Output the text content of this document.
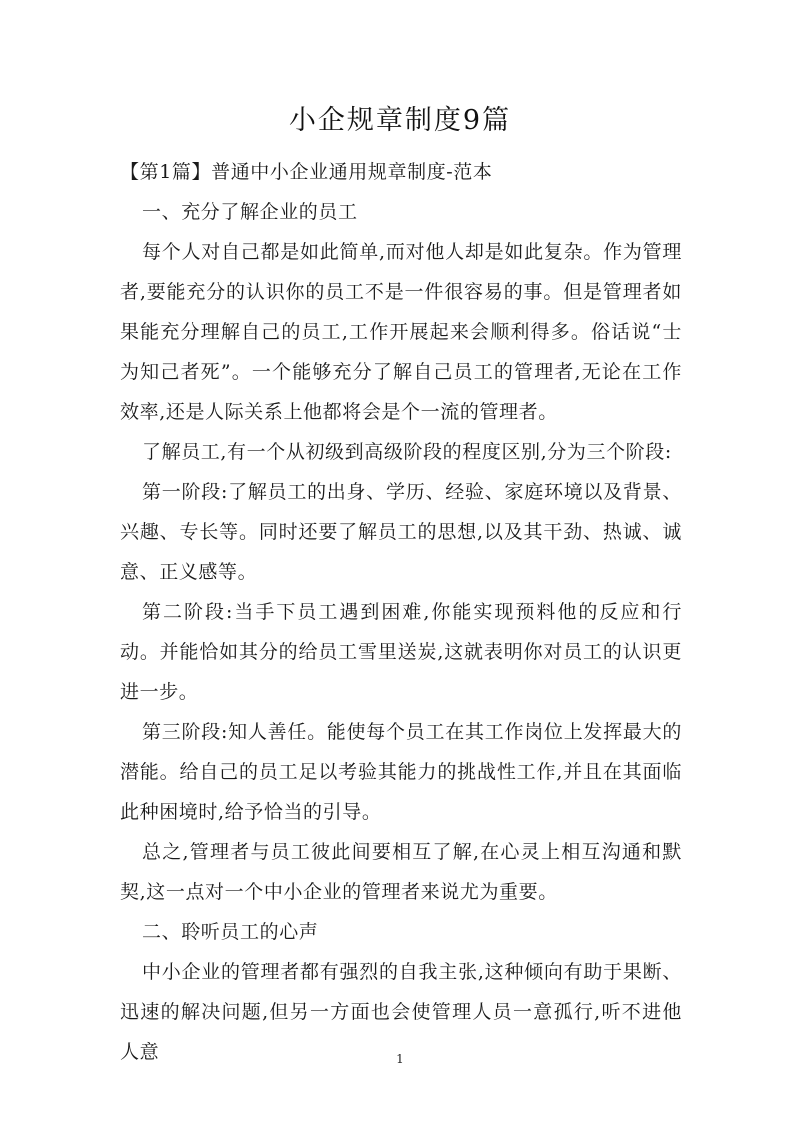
小企规章制度9篇

【第1篇】普通中小企业通用规章制度-范本

一、充分了解企业的员工

每个人对自己都是如此简单,而对他人却是如此复杂。作为管理者,要能充分的认识你的员工不是一件很容易的事。但是管理者如果能充分理解自己的员工,工作开展起来会顺利得多。俗话说“士为知己者死”。一个能够充分了解自己员工的管理者,无论在工作效率,还是人际关系上他都将会是个一流的管理者。

了解员工,有一个从初级到高级阶段的程度区别,分为三个阶段:

第一阶段:了解员工的出身、学历、经验、家庭环境以及背景、兴趣、专长等。同时还要了解员工的思想,以及其干劲、热诚、诚意、正义感等。

第二阶段:当手下员工遇到困难,你能实现预料他的反应和行动。并能恰如其分的给员工雪里送炭,这就表明你对员工的认识更进一步。

第三阶段:知人善任。能使每个员工在其工作岗位上发挥最大的潜能。给自己的员工足以考验其能力的挑战性工作,并且在其面临此种困境时,给予恰当的引导。

总之,管理者与员工彼此间要相互了解,在心灵上相互沟通和默契,这一点对一个中小企业的管理者来说尤为重要。

二、聆听员工的心声

中小企业的管理者都有强烈的自我主张,这种倾向有助于果断、迅速的解决问题,但另一方面也会使管理人员一意孤行,听不进他人意	1
